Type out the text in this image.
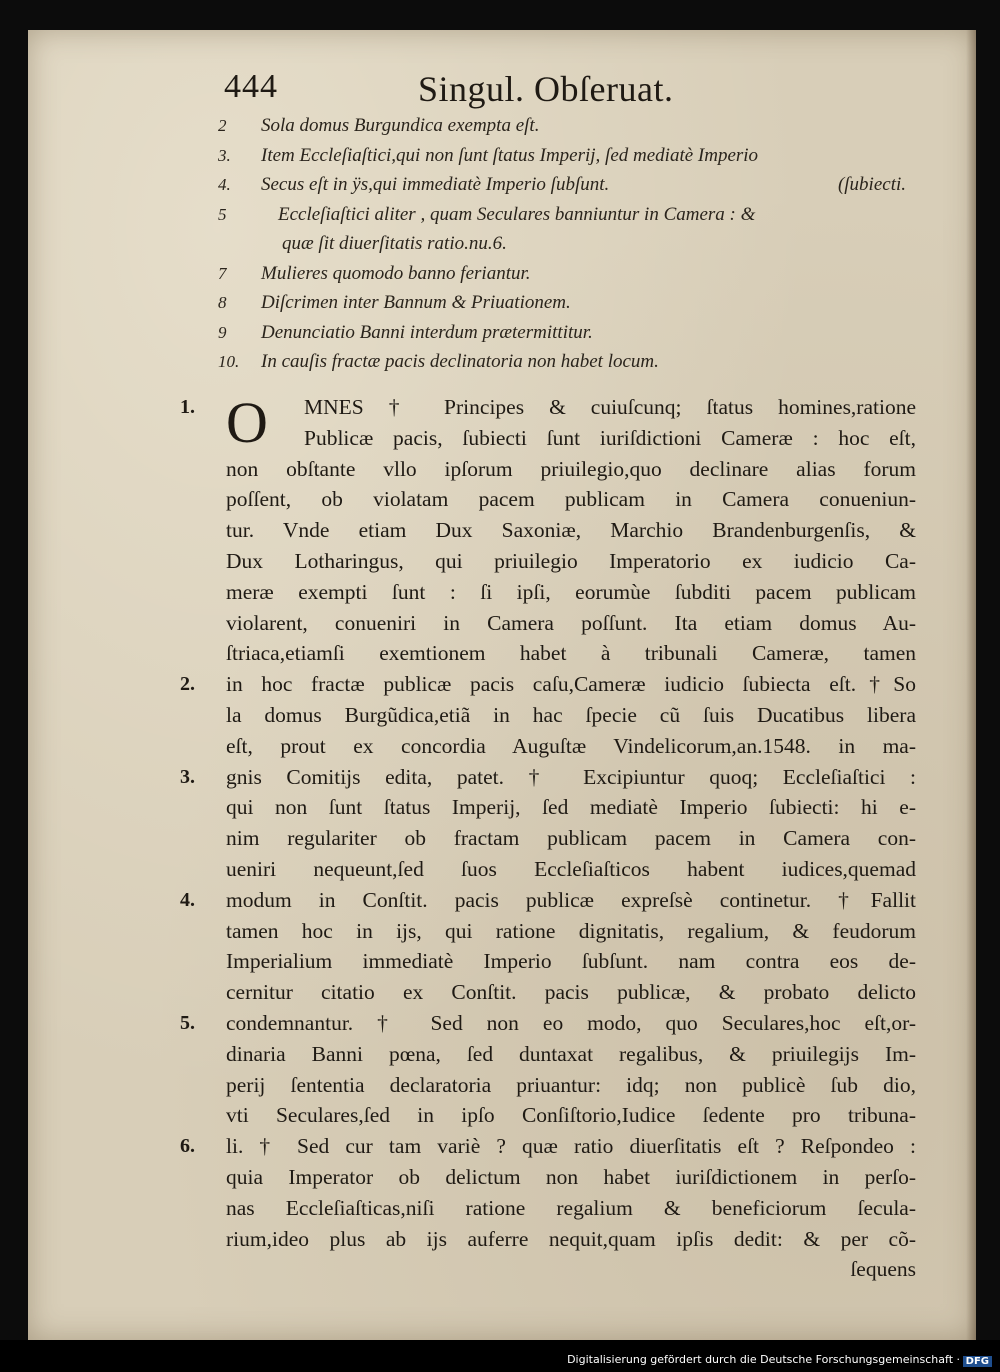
444	Singul. Obſeruat.
2	Sola domus Burgundica exempta eſt.
3.	Item Eccleſiaſtici,qui non ſunt ſtatus Imperij, ſed mediatè Imperio
4.	Secus eſt in ÿs,qui immediatè Imperio ſubſunt.	(ſubiecti.
5	Eccleſiaſtici aliter , quam Seculares banniuntur in Camera : &
quæ ſit diuerſitatis ratio.nu.6.
7	Mulieres quomodo banno feriantur.
8	Diſcrimen inter Bannum & Priuationem.
9	Denunciatio Banni interdum prætermittitur.
10.	In cauſis fractæ pacis declinatoria non habet locum.
O
1.	MNES † Principes & cuiuſcunq; ſtatus homines,ratione
Publicæ pacis, ſubiecti ſunt iuriſdictioni Cameræ : hoc eſt,
non obſtante vllo ipſorum priuilegio,quo declinare alias forum
poſſent, ob violatam pacem publicam in Camera conueniun-
tur. Vnde etiam Dux Saxoniæ, Marchio Brandenburgenſis, &
Dux Lotharingus, qui priuilegio Imperatorio ex iudicio Ca-
meræ exempti ſunt : ſi ipſi, eorumùe ſubditi pacem publicam
violarent, conueniri in Camera poſſunt. Ita etiam domus Au-
ſtriaca,etiamſi exemtionem habet à tribunali Cameræ, tamen
2. in hoc fractæ publicæ pacis caſu,Cameræ iudicio ſubiecta eſt.†So
la domus Burgũdica,etiã in hac ſpecie cũ ſuis Ducatibus libera
eſt, prout ex concordia Auguſtæ Vindelicorum,an.1548. in ma-
3. gnis Comitijs edita, patet. † Excipiuntur quoq; Eccleſiaſtici :
qui non ſunt ſtatus Imperij, ſed mediatè Imperio ſubiecti: hi e-
nim regulariter ob fractam publicam pacem in Camera con-
ueniri nequeunt,ſed ſuos Eccleſiaſticos habent iudices,quemad
4. modum in Conſtit. pacis publicæ expreſsè continetur. †Fallit
tamen hoc in ijs, qui ratione dignitatis, regalium, & feudorum
Imperialium immediatè Imperio ſubſunt. nam contra eos de-
cernitur citatio ex Conſtit. pacis publicæ, & probato delicto
5. condemnantur. † Sed non eo modo, quo Seculares,hoc eſt,or-
dinaria Banni pœna, ſed duntaxat regalibus, & priuilegijs Im-
perij ſententia declaratoria priuantur: idq; non publicè ſub dio,
vti Seculares,ſed in ipſo Conſiſtorio,Iudice ſedente pro tribuna-
6. li. † Sed cur tam variè ? quæ ratio diuerſitatis eſt ? Reſpondeo :
quia Imperator ob delictum non habet iuriſdictionem in perſo-
nas Eccleſiaſticas,niſi ratione regalium & beneficiorum ſecula-
rium,ideo plus ab ijs auferre nequit,quam ipſis dedit: & per cõ-
ſequens
Digitalisierung gefördert durch die Deutsche Forschungsgemeinschaft · DFG
